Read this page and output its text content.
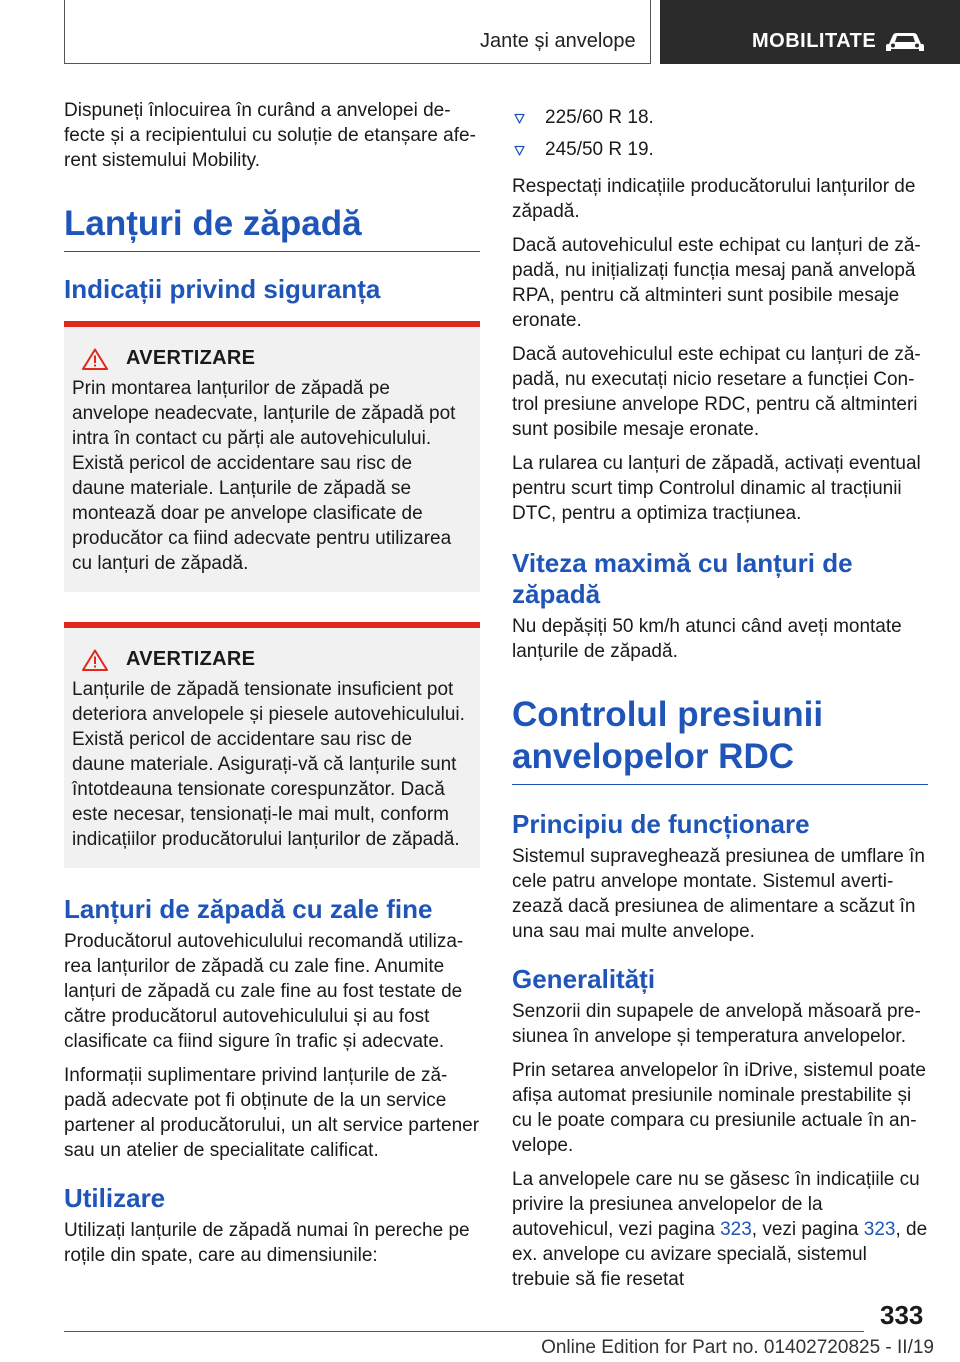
Jante și anvelope	MOBILITATE

Dispuneți înlocuirea în curând a anvelopei defecte și a recipientului cu soluție de etanșare aferent sistemului Mobility.

Lanțuri de zăpadă
Indicații privind siguranța
AVERTIZARE

Prin montarea lanțurilor de zăpadă pe anvelope neadecvate, lanțurile de zăpadă pot intra în contact cu părți ale autovehiculului. Există pericol de accidentare sau risc de daune materiale. Lanțurile de zăpadă se montează doar pe anvelope clasificate de producător ca fiind adecvate pentru utilizarea cu lanțuri de zăpadă.

AVERTIZARE

Lanțurile de zăpadă tensionate insuficient pot deteriora anvelopele și piesele autovehiculului. Există pericol de accidentare sau risc de daune materiale. Asigurați-vă că lanțurile sunt întotdeauna tensionate corespunzător. Dacă este necesar, tensionați-le mai mult, conform indicațiilor producătorului lanțurilor de zăpadă.

Lanțuri de zăpadă cu zale fine

Producătorul autovehiculului recomandă utilizarea lanțurilor de zăpadă cu zale fine. Anumite lanțuri de zăpadă cu zale fine au fost testate de către producătorul autovehiculului și au fost clasificate ca fiind sigure în trafic și adecvate.

Informații suplimentare privind lanțurile de zăpadă adecvate pot fi obținute de la un service partener al producătorului, un alt service partener sau un atelier de specialitate calificat.

Utilizare

Utilizați lanțurile de zăpadă numai în pereche pe roțile din spate, care au dimensiunile:

225/60 R 18.
245/50 R 19.

Respectați indicațiile producătorului lanțurilor de zăpadă.

Dacă autovehiculul este echipat cu lanțuri de zăpadă, nu inițializați funcția mesaj pană anvelopă RPA, pentru că altminteri sunt posibile mesaje eronate.

Dacă autovehiculul este echipat cu lanțuri de zăpadă, nu executați nicio resetare a funcției Control presiune anvelope RDC, pentru că altminteri sunt posibile mesaje eronate.

La rularea cu lanțuri de zăpadă, activați eventual pentru scurt timp Controlul dinamic al tracțiunii DTC, pentru a optimiza tracțiunea.

Viteza maximă cu lanțuri de zăpadă

Nu depășiți 50 km/h atunci când aveți montate lanțurile de zăpadă.

Controlul presiunii anvelopelor RDC
Principiu de funcționare

Sistemul supraveghează presiunea de umflare în cele patru anvelope montate. Sistemul avertizează dacă presiunea de alimentare a scăzut în una sau mai multe anvelope.

Generalități

Senzorii din supapele de anvelopă măsoară presiunea în anvelope și temperatura anvelopelor.

Prin setarea anvelopelor în iDrive, sistemul poate afișa automat presiunile nominale prestabilite și cu le poate compara cu presiunile actuale în anvelope.

La anvelopele care nu se găsesc în indicațiile cu privire la presiunea anvelopelor de la autovehicul, vezi pagina 323, vezi pagina 323, de ex. anvelope cu avizare specială, sistemul trebuie să fie resetat

333
Online Edition for Part no. 01402720825 - II/19
